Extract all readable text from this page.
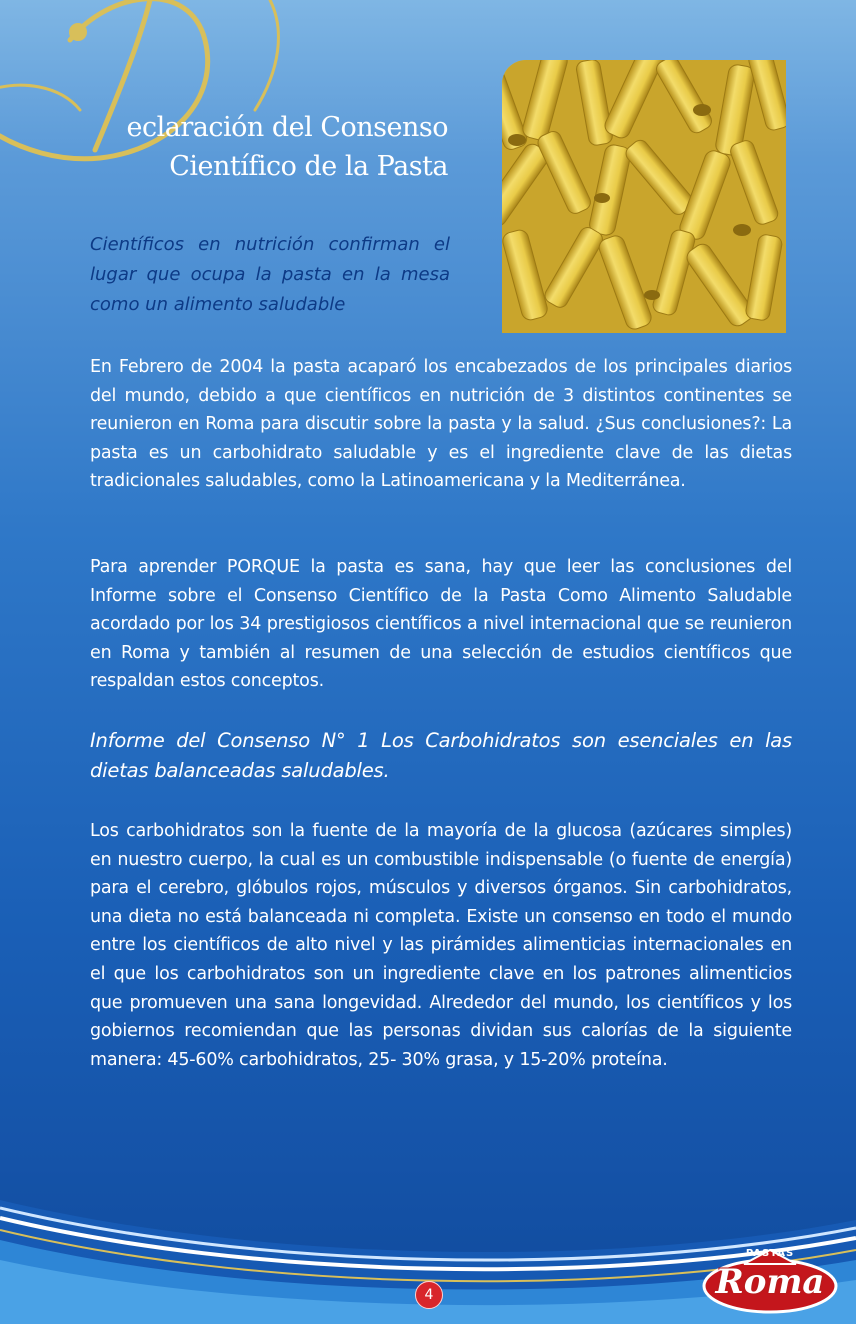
eclaración del Consenso
Científico de la Pasta
Científicos en nutrición confirman el lugar que ocupa la pasta en la mesa como un alimento saludable
En Febrero de 2004 la pasta acaparó los encabezados de los principales diarios del mundo, debido a que científicos en nutrición de 3 distintos continentes se reunieron en Roma para discutir sobre la pasta y la salud. ¿Sus conclusiones?: La pasta es un carbohidrato saludable y es el ingrediente clave de las dietas tradicionales saludables, como la Latinoamericana y la Mediterránea.
Para aprender PORQUE la pasta es sana, hay que leer las conclusiones del Informe sobre el Consenso Científico de la Pasta Como Alimento Saludable acordado por los 34 prestigiosos científicos a nivel internacional que se reunieron en Roma y también al resumen de una selección de estudios científicos que respaldan estos conceptos.
Informe del Consenso N° 1 Los Carbohidratos son esenciales en las dietas balanceadas saludables.
Los carbohidratos son la fuente de la mayoría de la glucosa (azúcares simples) en nuestro cuerpo, la cual es un combustible indispensable (o fuente de energía) para el cerebro, glóbulos rojos, músculos y diversos órganos. Sin carbohidratos, una dieta no está balanceada ni completa. Existe un consenso en todo el mundo entre los científicos de alto nivel y las pirámides alimenticias internacionales en el que los carbohidratos son un ingrediente clave en los patrones alimenticios que promueven una sana longevidad. Alrededor del mundo, los científicos y los gobiernos recomiendan que las personas dividan sus calorías de la siguiente manera: 45-60% carbohidratos, 25- 30% grasa, y 15-20% proteína.
4
PASTAS
Roma
